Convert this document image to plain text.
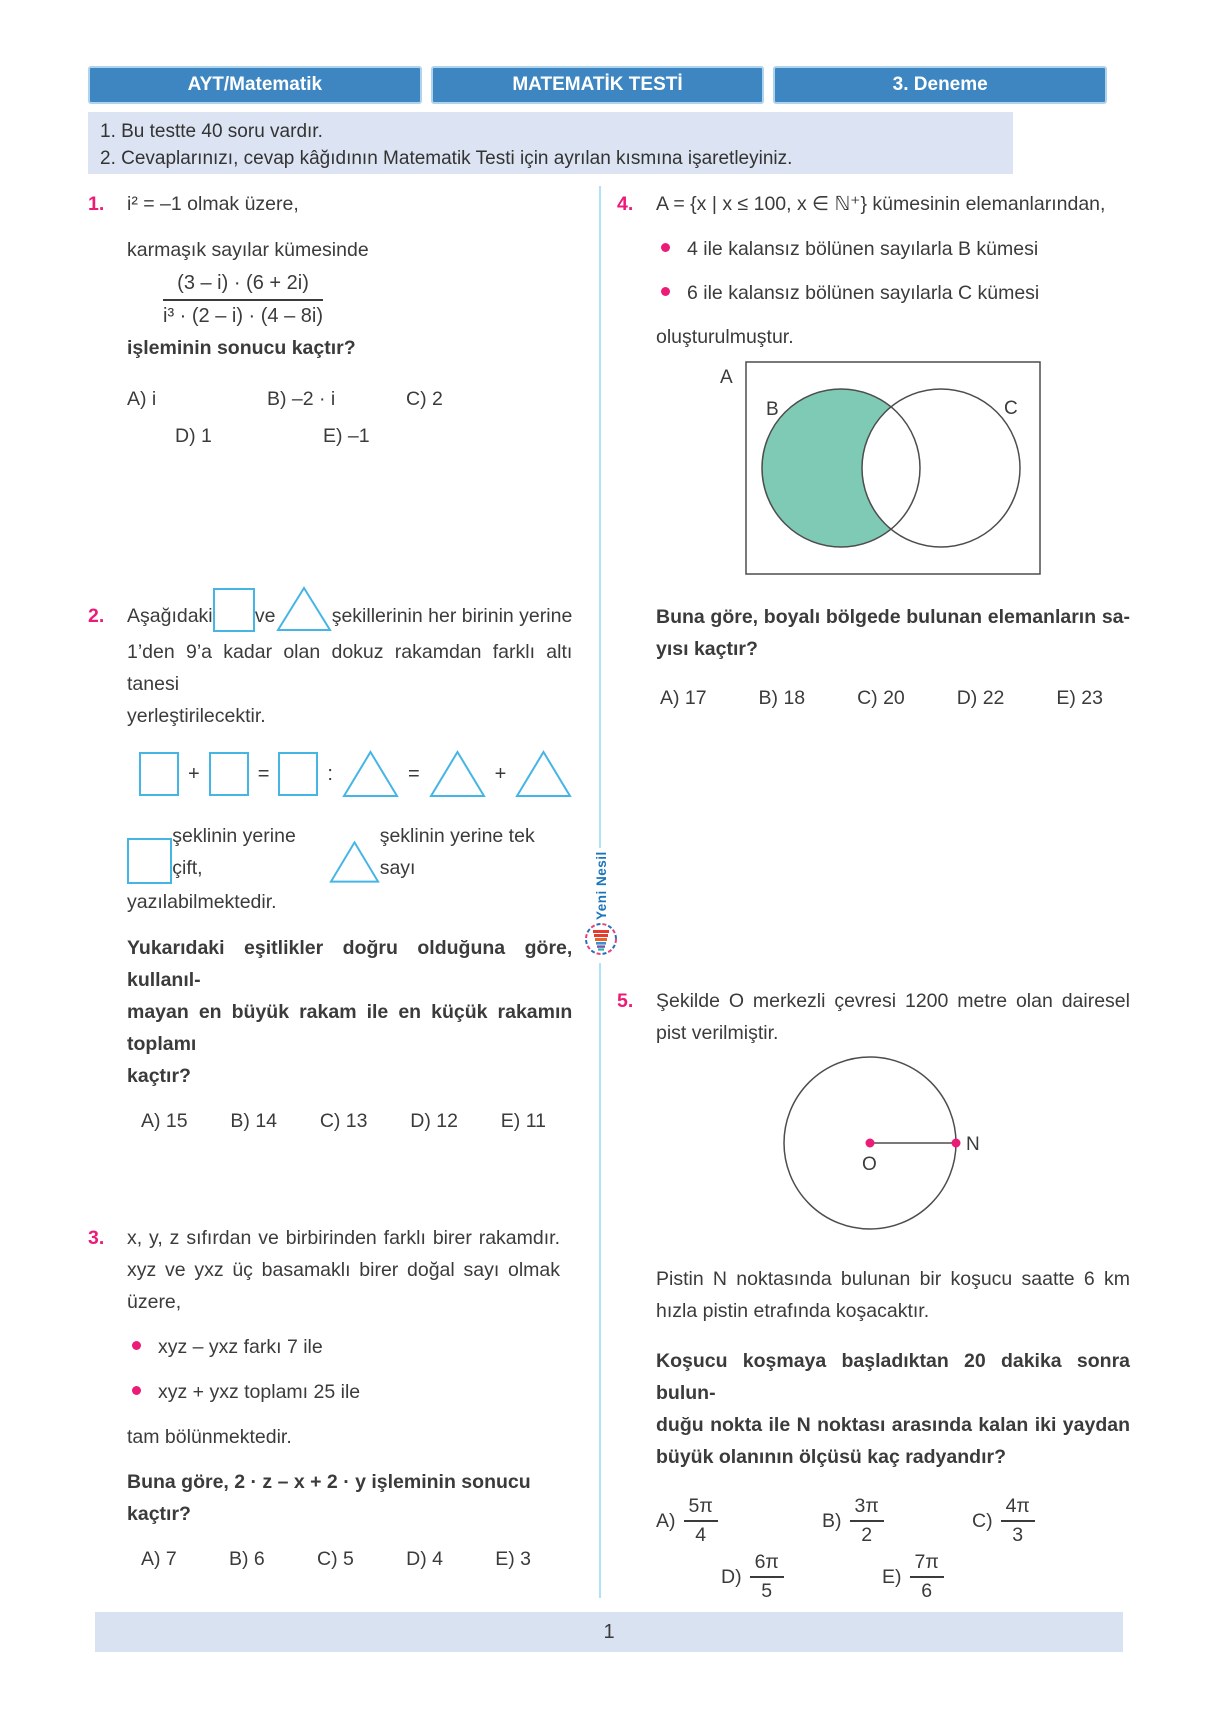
AYT/Matematik	MATEMATİK TESTİ	3. Deneme
1. Bu testte 40 soru vardır.
2. Cevaplarınızı, cevap kâğıdının Matematik Testi için ayrılan kısmına işaretleyiniz.
Yeni Nesil
1.	i² = –1 olmak üzere,
karmaşık sayılar kümesinde
$\frac{(3 - i) \cdot (6 + 2i)}{\text{i³ · (2 – i) · (4 – 8i)}}$
işleminin sonucu kaçtır?
A) i	B) –2 · i	C) 2
D) 1	E) –1
2.	Aşağıdaki ve	şekillerinin her birinin yerine
1’den 9’a kadar olan dokuz rakamdan farklı altı tanesi
yerleştirilecektir.
+	=	:	=	+
şeklinin yerine çift,
şeklinin yerine tek sayı
yazılabilmektedir.
Yukarıdaki eşitlikler doğru olduğuna göre, kullanıl-
mayan en büyük rakam ile en küçük rakamın toplamı
kaçtır?
A) 15 B) 14 C) 13 D) 12 E) 11
3.	x, y, z sıfırdan ve birbirinden farklı birer rakamdır. xyz ve yxz üç basamaklı birer doğal sayı olmak üzere,
xyz – yxz farkı 7 ile
xyz + yxz toplamı 25 ile
tam bölünmektedir.
Buna göre, 2 · z – x + 2 · y işleminin sonucu kaçtır?
A) 7	B) 6	C) 5	D) 4	E) 3
4.	A = {x | x ≤ 100, x ∈ ℕ⁺} kümesinin elemanlarından,
4 ile kalansız bölünen sayılarla B kümesi
6 ile kalansız bölünen sayılarla C kümesi
oluşturulmuştur.
A
B	C
Buna göre, boyalı bölgede bulunan elemanların sa-
yısı kaçtır?
A) 17	B) 18	C) 20	D) 22	E) 23
5.	Şekilde O merkezli çevresi 1200 metre olan dairesel pist verilmiştir.
O
N
Pistin N noktasında bulunan bir koşucu saatte 6 km hızla pistin etrafında koşacaktır.
Koşucu koşmaya başladıktan 20 dakika sonra bulun-
duğu nokta ile N noktası arasında kalan iki yaydan
büyük olanının ölçüsü kaç radyandır?
$A) \frac{5\pi}{4}$	$B) \frac{3\pi}{2}$	$C) \frac{4\pi}{3}$
$D) \frac{6\pi}{5}$	$E) \frac{7\pi}{6}$
1
